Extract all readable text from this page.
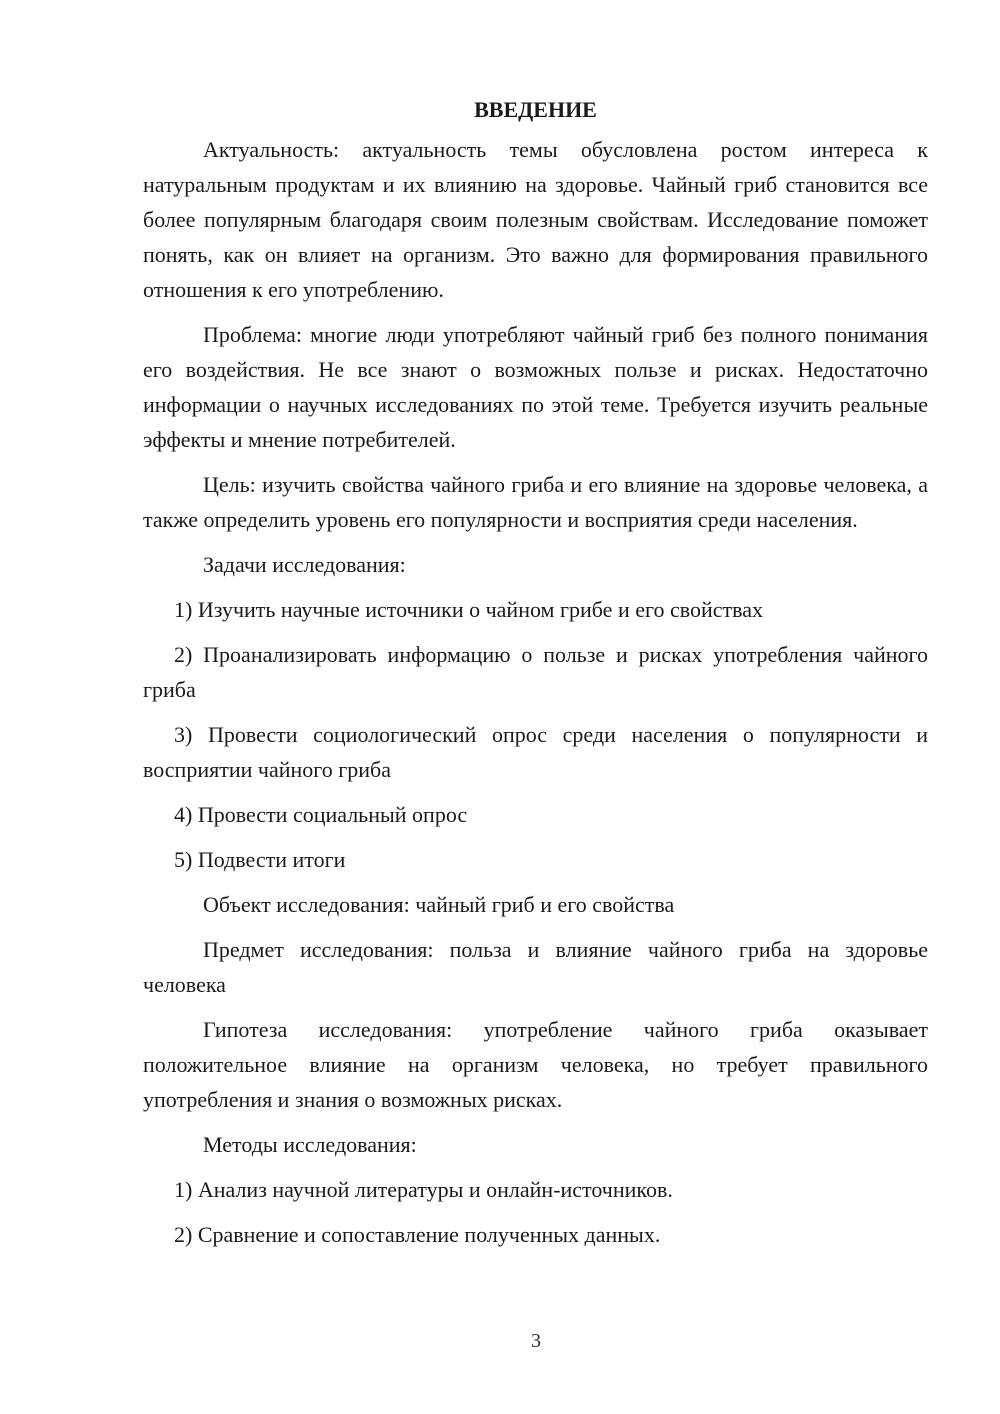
ВВЕДЕНИЕ

Актуальность: актуальность темы обусловлена ростом интереса к натуральным продуктам и их влиянию на здоровье. Чайный гриб становится все более популярным благодаря своим полезным свойствам. Исследование поможет понять, как он влияет на организм. Это важно для формирования правильного отношения к его употреблению.

Проблема: многие люди употребляют чайный гриб без полного понимания его воздействия. Не все знают о возможных пользе и рисках. Недостаточно информации о научных исследованиях по этой теме. Требуется изучить реальные эффекты и мнение потребителей.

Цель: изучить свойства чайного гриба и его влияние на здоровье человека, а также определить уровень его популярности и восприятия среди населения.

Задачи исследования:

1) Изучить научные источники о чайном грибе и его свойствах

2) Проанализировать информацию о пользе и рисках употребления чайного гриба

3) Провести социологический опрос среди населения о популярности и восприятии чайного гриба

4) Провести социальный опрос

5) Подвести итоги

Объект исследования: чайный гриб и его свойства

Предмет исследования: польза и влияние чайного гриба на здоровье человека

Гипотеза исследования: употребление чайного гриба оказывает положительное влияние на организм человека, но требует правильного употребления и знания о возможных рисках.

Методы исследования:

1) Анализ научной литературы и онлайн-источников.

2) Сравнение и сопоставление полученных данных.

3
